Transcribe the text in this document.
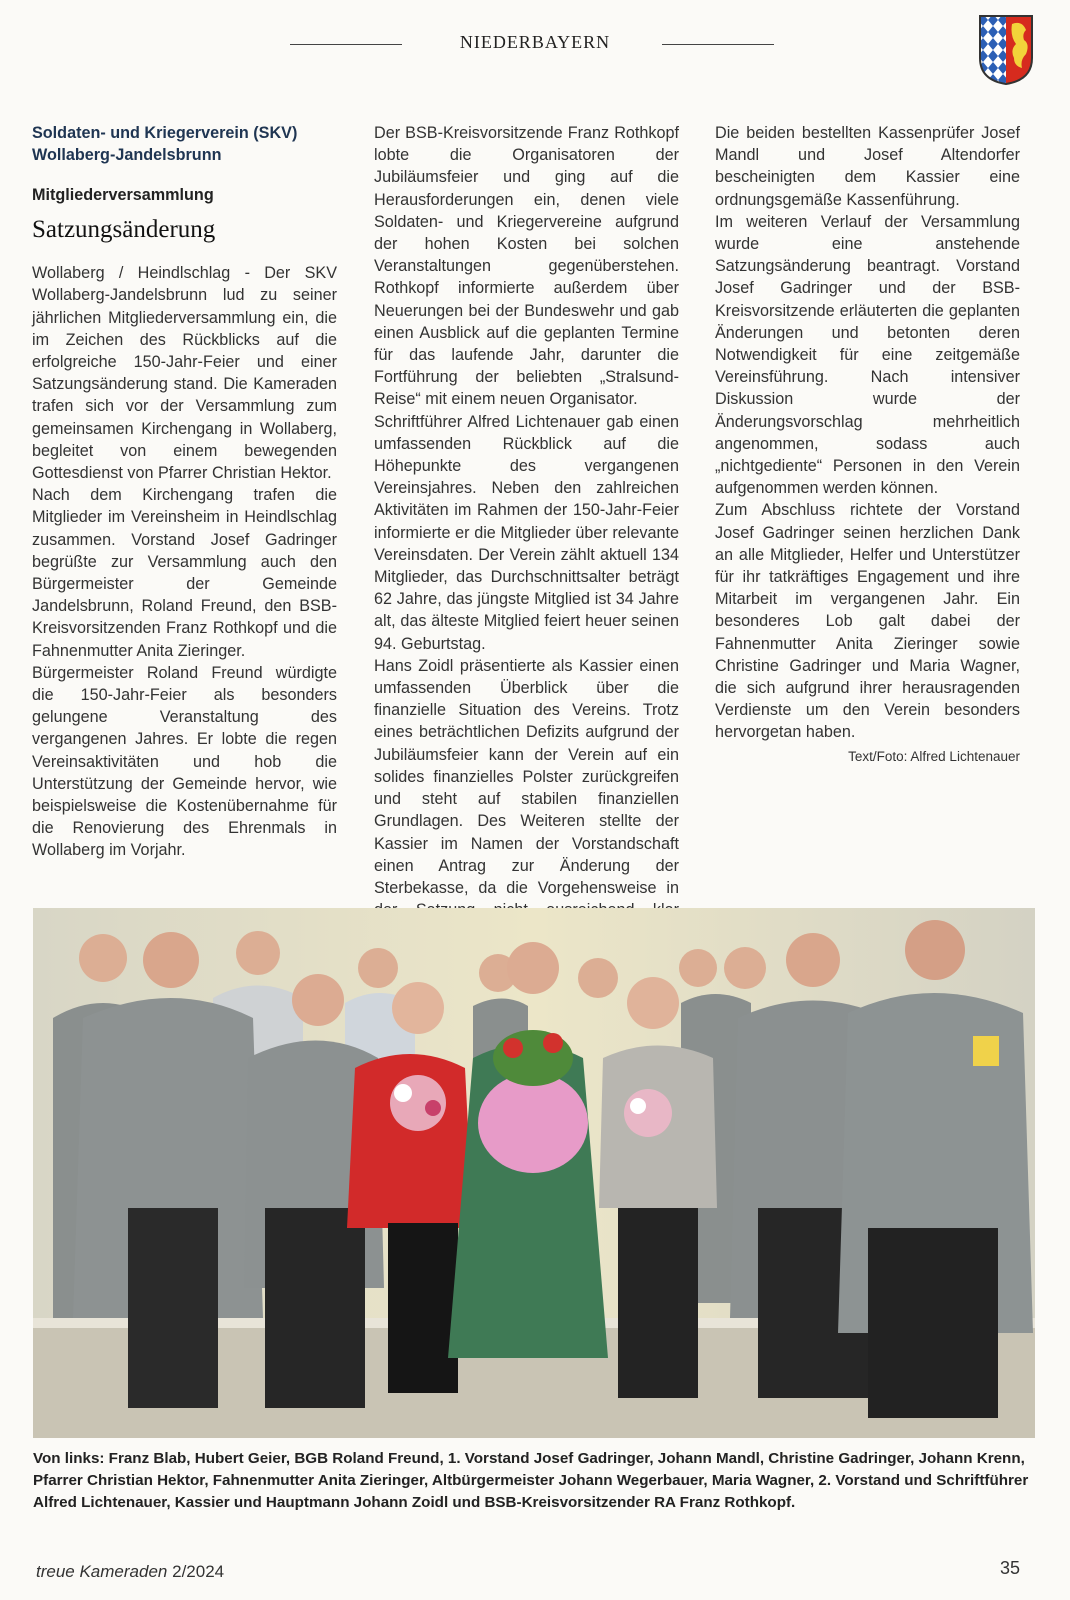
NIEDERBAYERN

Soldaten- und Kriegerverein (SKV) Wollaberg-Jandelsbrunn

Mitgliederversammlung

Satzungsänderung

Wollaberg / Heindlschlag - Der SKV Wollaberg-Jandelsbrunn lud zu seiner jährlichen Mitgliederversammlung ein, die im Zeichen des Rückblicks auf die erfolgreiche 150-Jahr-Feier und einer Satzungsänderung stand. Die Kameraden trafen sich vor der Versammlung zum gemeinsamen Kirchengang in Wollaberg, begleitet von einem bewegenden Gottesdienst von Pfarrer Christian Hektor.

Nach dem Kirchengang trafen die Mitglieder im Vereinsheim in Heindlschlag zusammen. Vorstand Josef Gadringer begrüßte zur Versammlung auch den Bürgermeister der Gemeinde Jandelsbrunn, Roland Freund, den BSB-Kreisvorsitzenden Franz Rothkopf und die Fahnenmutter Anita Zieringer.

Bürgermeister Roland Freund würdigte die 150-Jahr-Feier als besonders gelungene Veranstaltung des vergangenen Jahres. Er lobte die regen Vereinsaktivitäten und hob die Unterstützung der Gemeinde hervor, wie beispielsweise die Kostenübernahme für die Renovierung des Ehrenmals in Wollaberg im Vorjahr.

Der BSB-Kreisvorsitzende Franz Rothkopf lobte die Organisatoren der Jubiläumsfeier und ging auf die Herausforderungen ein, denen viele Soldaten- und Kriegervereine aufgrund der hohen Kosten bei solchen Veranstaltungen gegenüberstehen. Rothkopf informierte außerdem über Neuerungen bei der Bundeswehr und gab einen Ausblick auf die geplanten Termine für das laufende Jahr, darunter die Fortführung der beliebten „Stralsund-Reise“ mit einem neuen Organisator.

Schriftführer Alfred Lichtenauer gab einen umfassenden Rückblick auf die Höhepunkte des vergangenen Vereinsjahres. Neben den zahlreichen Aktivitäten im Rahmen der 150-Jahr-Feier informierte er die Mitglieder über relevante Vereinsdaten. Der Verein zählt aktuell 134 Mitglieder, das Durchschnittsalter beträgt 62 Jahre, das jüngste Mitglied ist 34 Jahre alt, das älteste Mitglied feiert heuer seinen 94. Geburtstag.

Hans Zoidl präsentierte als Kassier einen umfassenden Überblick über die finanzielle Situation des Vereins. Trotz eines beträchtlichen Defizits aufgrund der Jubiläumsfeier kann der Verein auf ein solides finanzielles Polster zurückgreifen und steht auf stabilen finanziellen Grundlagen. Des Weiteren stellte der Kassier im Namen der Vorstandschaft einen Antrag zur Änderung der Sterbekasse, da die Vorgehensweise in

Die beiden bestellten Kassenprüfer Josef Mandl und Josef Altendorfer bescheinigten dem Kassier eine ordnungsgemäße Kassenführung.

Im weiteren Verlauf der Versammlung wurde eine anstehende Satzungsänderung beantragt. Vorstand Josef Gadringer und der BSB-Kreisvorsitzende erläuterten die geplanten Änderungen und betonten deren Notwendigkeit für eine zeitgemäße Vereinsführung. Nach intensiver Diskussion wurde der Änderungsvorschlag mehrheitlich angenommen, sodass auch „nichtgediente“ Personen in den Verein aufgenommen werden können.

Zum Abschluss richtete der Vorstand Josef Gadringer seinen herzlichen Dank an alle Mitglieder, Helfer und Unterstützer für ihr tatkräftiges Engagement und ihre Mitarbeit im vergangenen Jahr. Ein besonderes Lob galt dabei der Fahnenmutter Anita Zieringer sowie Christine Gadringer und Maria Wagner, die sich aufgrund ihrer herausragenden Verdienste um den Verein besonders hervorgetan haben.

Text/Foto: Alfred Lichtenauer

Von links: Franz Blab, Hubert Geier, BGB Roland Freund, 1. Vorstand Josef Gadringer, Johann Mandl, Christine Gadringer, Johann Krenn, Pfarrer Christian Hektor, Fahnenmutter Anita Zieringer, Altbürgermeister Johann Wegerbauer, Maria Wagner, 2. Vorstand und Schriftführer Alfred Lichtenauer, Kassier und Hauptmann Johann Zoidl und BSB-Kreisvorsitzender RA Franz Rothkopf.
treue Kameraden 2/2024	35
